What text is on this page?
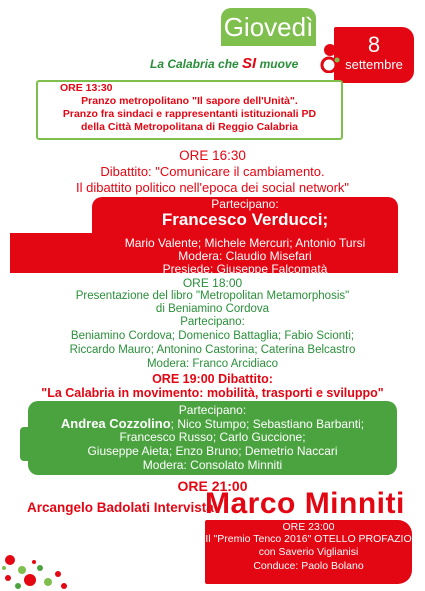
Giovedì
8
settembre
La Calabria che SI muove
ORE 13:30
Pranzo metropolitano "Il sapore dell'Unità".
Pranzo fra sindaci e rappresentanti istituzionali PD
della Città Metropolitana di Reggio Calabria
ORE 16:30
Dibattito: "Comunicare il cambiamento.
Il dibattito politico nell'epoca dei social network"
Partecipano:
Francesco Verducci;
Modera: Claudio Misefari
Presiede: Giuseppe Falcomatà
Mario Valente; Michele Mercuri; Antonio Tursi
ORE 18:00
Presentazione del libro "Metropolitan Metamorphosis"
di Beniamino Cordova
Partecipano:
Beniamino Cordova; Domenico Battaglia; Fabio Scionti;
Riccardo Mauro; Antonino Castorina; Caterina Belcastro
Modera: Franco Arcidiaco
ORE 19:00 Dibattito:
"La Calabria in movimento: mobilità, trasporti e sviluppo"
Partecipano:
Andrea Cozzolino; Nico Stumpo; Sebastiano Barbanti;
Francesco Russo; Carlo Guccione;
Giuseppe Aieta; Enzo Bruno; Demetrio Naccari
Modera: Consolato Minniti
ORE 21:00
Arcangelo Badolati Intervista
Marco Minniti
ORE 23:00
Il "Premio Tenco 2016" OTELLO PROFAZIO
con Saverio Viglianisi
Conduce: Paolo Bolano
